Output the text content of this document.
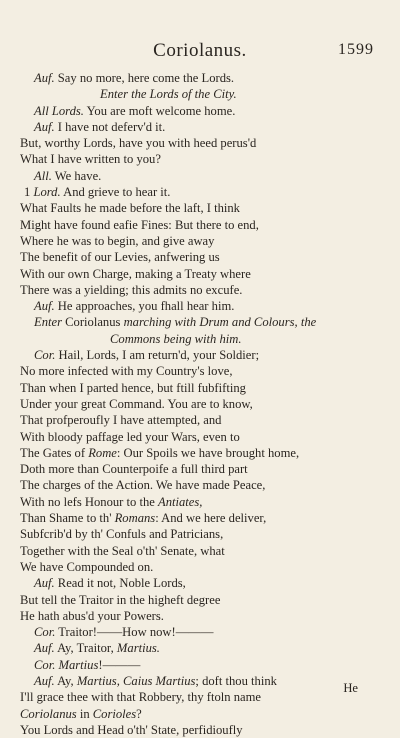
Coriolanus.	1599
Auf. Say no more, here come the Lords.
Enter the Lords of the City.
All Lords. You are moft welcome home.
Auf. I have not deferv'd it.
But, worthy Lords, have you with heed perus'd
What I have written to you?
All. We have.
1 Lord. And grieve to hear it.
What Faults he made before the laft, I think
Might have found eafie Fines: But there to end,
Where he was to begin, and give away
The benefit of our Levies, anfwering us
With our own Charge, making a Treaty where
There was a yielding; this admits no excufe.
Auf. He approaches, you fhall hear him.
Enter Coriolanus marching with Drum and Colours, the
Commons being with him.
Cor. Hail, Lords, I am return'd, your Soldier;
No more infected with my Country's love,
Than when I parted hence, but ftill fubfifting
Under your great Command. You are to know,
That profperoufly I have attempted, and
With bloody paffage led your Wars, even to
The Gates of Rome: Our Spoils we have brought home,
Doth more than Counterpoife a full third part
The charges of the Action. We have made Peace,
With no lefs Honour to the Antiates,
Than Shame to th' Romans: And we here deliver,
Subfcrib'd by th' Confuls and Patricians,
Together with the Seal o'th' Senate, what
We have Compounded on.
Auf. Read it not, Noble Lords,
But tell the Traitor in the higheft degree
He hath abus'd your Powers.
Cor. Traitor!——How now!———
Auf. Ay, Traitor, Martius.
Cor. Martius!———
Auf. Ay, Martius, Caius Martius; doft thou think
I'll grace thee with that Robbery, thy ftoln name
Coriolanus in Corioles?
You Lords and Head o'th' State, perfidioufly
He
